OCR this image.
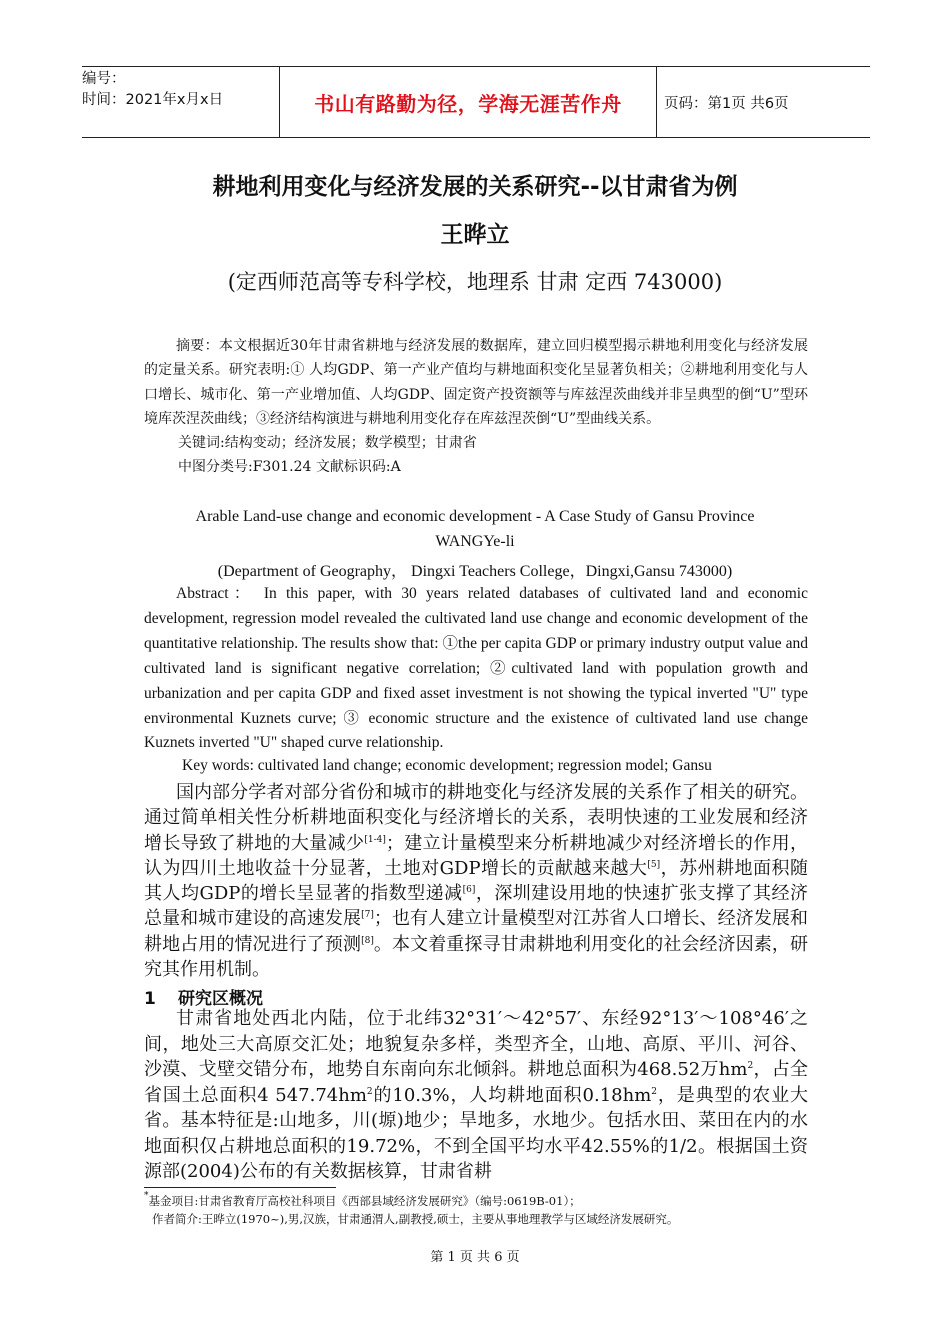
编号：
时间：2021年x月x日	书山有路勤为径，学海无涯苦作舟	页码：第1页 共6页
耕地利用变化与经济发展的关系研究--以甘肃省为例
王晔立
(定西师范高等专科学校，地理系 甘肃 定西 743000)

摘要：本文根据近30年甘肃省耕地与经济发展的数据库，建立回归模型揭示耕地利用变化与经济发展的定量关系。研究表明:① 人均GDP、第一产业产值均与耕地面积变化呈显著负相关；②耕地利用变化与人口增长、城市化、第一产业增加值、人均GDP、固定资产投资额等与库兹涅茨曲线并非呈典型的倒“U”型环境库茨涅茨曲线；③经济结构演进与耕地利用变化存在库兹涅茨倒“U”型曲线关系。

关键词:结构变动；经济发展；数学模型；甘肃省

中图分类号:F301.24 文献标识码:A

Arable Land-use change and economic development - A Case Study of Gansu Province
WANGYe-li
(Department of Geography， Dingxi Teachers College，Dingxi,Gansu 743000)

Abstract： In this paper, with 30 years related databases of cultivated land and economic development, regression model revealed the cultivated land use change and economic development of the quantitative relationship. The results show that: ①the per capita GDP or primary industry output value and cultivated land is significant negative correlation; ②cultivated land with population growth and urbanization and per capita GDP and fixed asset investment is not showing the typical inverted "U" type environmental Kuznets curve; ③ economic structure and the existence of cultivated land use change Kuznets inverted "U" shaped curve relationship.

Key words: cultivated land change; economic development; regression model; Gansu

国内部分学者对部分省份和城市的耕地变化与经济发展的关系作了相关的研究。通过简单相关性分析耕地面积变化与经济增长的关系，表明快速的工业发展和经济增长导致了耕地的大量减少[1-4]；建立计量模型来分析耕地减少对经济增长的作用，认为四川土地收益十分显著，土地对GDP增长的贡献越来越大[5]，苏州耕地面积随其人均GDP的增长呈显著的指数型递减[6]，深圳建设用地的快速扩张支撑了其经济总量和城市建设的高速发展[7]；也有人建立计量模型对江苏省人口增长、经济发展和耕地占用的情况进行了预测[8]。本文着重探寻甘肃耕地利用变化的社会经济因素，研究其作用机制。

1 研究区概况

甘肃省地处西北内陆，位于北纬32°31′～42°57′、东经92°13′～108°46′之间，地处三大高原交汇处；地貌复杂多样，类型齐全，山地、高原、平川、河谷、沙漠、戈壁交错分布，地势自东南向东北倾斜。耕地总面积为468.52万$hm^2$，占全省国土总面积4 $547.74hm^2$的10.3%，人均耕地面积$0.18hm^2$，是典型的农业大省。基本特征是:山地多，川(塬)地少；旱地多，水地少。包括水田、菜田在内的水地面积仅占耕地总面积的19.72%，不到全国平均水平42.55%的1/2。根据国土资源部(2004)公布的有关数据核算，甘肃省耕

*基金项目:甘肃省教育厅高校社科项目《西部县域经济发展研究》（编号:0619B-01）；

作者简介:王晔立(1970~),男,汉族，甘肃通渭人,副教授,硕士，主要从事地理教学与区域经济发展研究。

第 1 页 共 6 页
